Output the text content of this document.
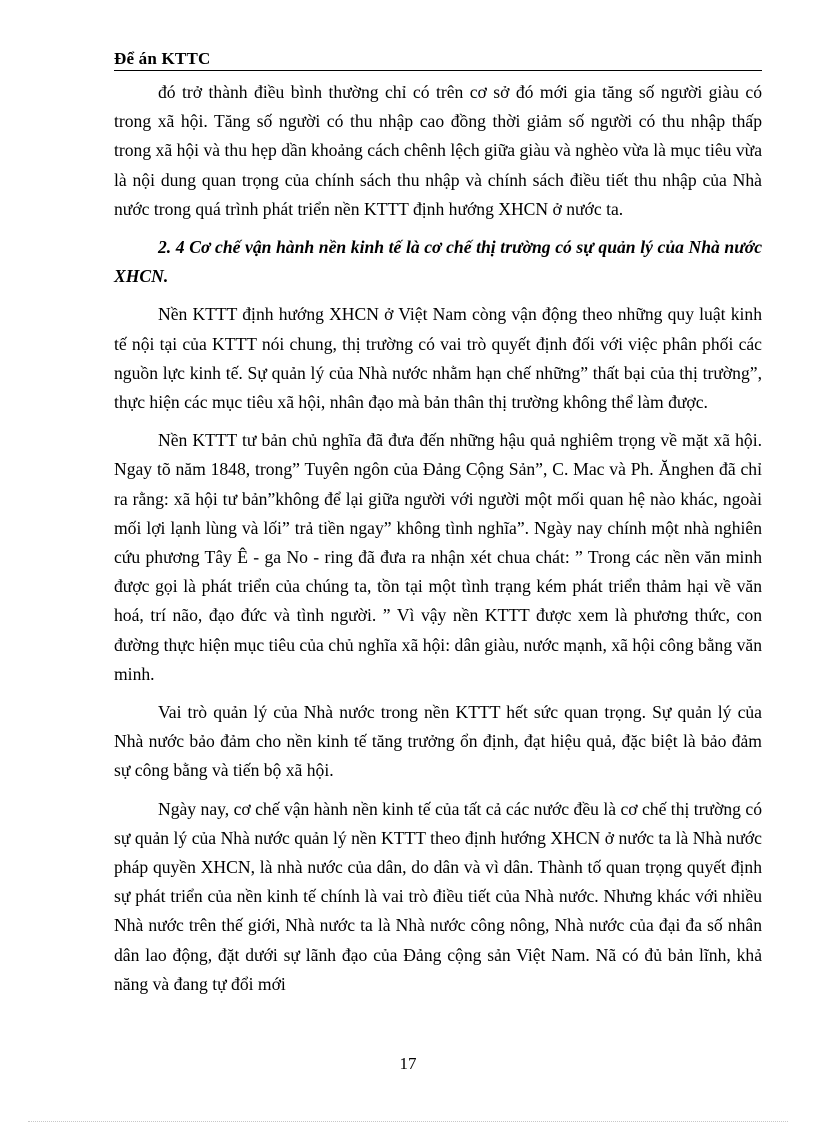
Để án KTTC

đó trở thành điều bình thường chỉ có trên cơ sở đó mới gia tăng số người giàu có trong xã hội. Tăng số người có thu nhập cao đồng thời giảm số người có thu nhập thấp trong xã hội và thu hẹp dần khoảng cách chênh lệch giữa giàu và nghèo vừa là mục tiêu vừa là nội dung quan trọng của chính sách thu nhập và chính sách điều tiết thu nhập của Nhà nước trong quá trình phát triển nền KTTT định hướng XHCN ở nước ta.

2. 4 Cơ chế vận hành nền kinh tế là cơ chế thị trường có sự quản lý của Nhà nước XHCN.

Nền KTTT định hướng XHCN ở Việt Nam còng vận động theo những quy luật kinh tế nội tại của KTTT nói chung, thị trường có vai trò quyết định đối với việc phân phối các nguồn lực kinh tế. Sự quản lý của Nhà nước nhằm hạn chế những” thất bại của thị trường”, thực hiện các mục tiêu xã hội, nhân đạo mà bản thân thị trường không thể làm được.

Nền KTTT tư bản chủ nghĩa đã đưa đến những hậu quả nghiêm trọng về mặt xã hội. Ngay tõ năm 1848, trong” Tuyên ngôn của Đảng Cộng Sản”, C. Mac và Ph. Ănghen đã chỉ ra rằng: xã hội tư bản”không để lại giữa người với người một mối quan hệ nào khác, ngoài mối lợi lạnh lùng và lối” trả tiền ngay” không tình nghĩa”. Ngày nay chính một nhà nghiên cứu phương Tây Ê - ga No - ring đã đưa ra nhận xét chua chát: ” Trong các nền văn minh được gọi là phát triển của chúng ta, tồn tại một tình trạng kém phát triển thảm hại về văn hoá, trí não, đạo đức và tình người. ” Vì vậy nền KTTT được xem là phương thức, con đường thực hiện mục tiêu của chủ nghĩa xã hội: dân giàu, nước mạnh, xã hội công bằng văn minh.

Vai trò quản lý của Nhà nước trong nền KTTT hết sức quan trọng. Sự quản lý của Nhà nước bảo đảm cho nền kinh tế tăng trưởng ổn định, đạt hiệu quả, đặc biệt là bảo đảm sự công bằng và tiến bộ xã hội.

Ngày nay, cơ chế vận hành nền kinh tế của tất cả các nước đều là cơ chế thị trường có sự quản lý của Nhà nước quản lý nền KTTT theo định hướng XHCN ở nước ta là Nhà nước pháp quyền XHCN, là nhà nước của dân, do dân và vì dân. Thành tố quan trọng quyết định sự phát triển của nền kinh tế chính là vai trò điều tiết của Nhà nước. Nhưng khác với nhiều Nhà nước trên thế giới, Nhà nước ta là Nhà nước công nông, Nhà nước của đại đa số nhân dân lao động, đặt dưới sự lãnh đạo của Đảng cộng sản Việt Nam. Nã có đủ bản lĩnh, khả năng và đang tự đổi mới

17
